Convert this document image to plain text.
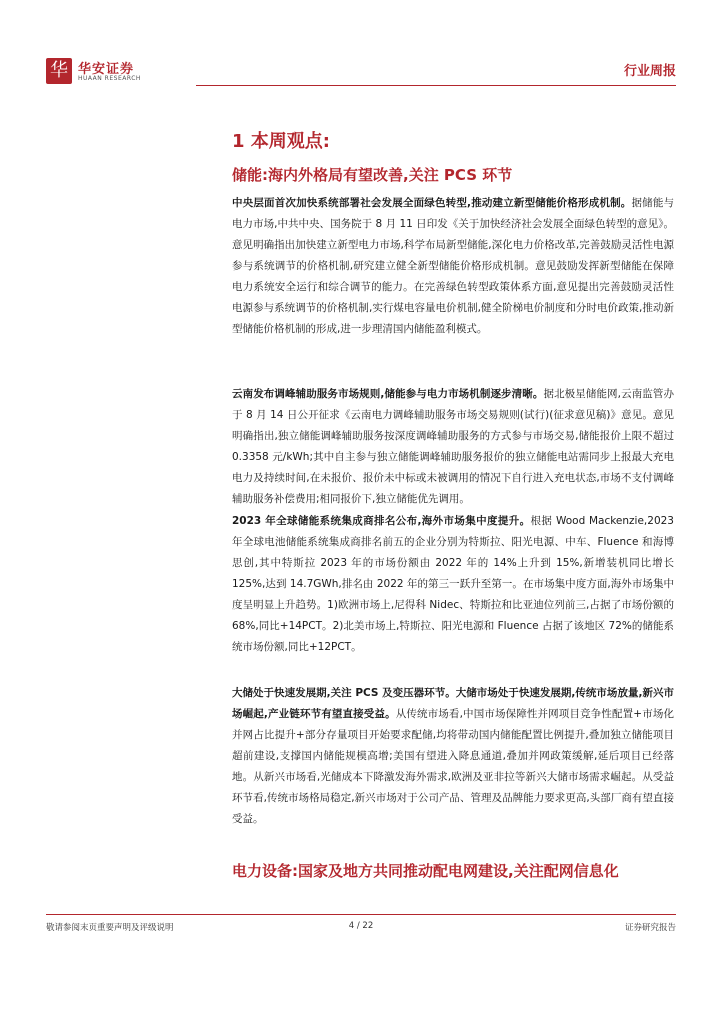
华 华安证券
HUAAN RESEARCH	行业周报
1 本周观点:
储能:海内外格局有望改善,关注 PCS 环节
中央层面首次加快系统部署社会发展全面绿色转型,推动建立新型储能价格形成机制。据储能与电力市场,中共中央、国务院于 8 月 11 日印发《关于加快经济社会发展全面绿色转型的意见》。意见明确指出加快建立新型电力市场,科学布局新型储能,深化电力价格改革,完善鼓励灵活性电源参与系统调节的价格机制,研究建立健全新型储能价格形成机制。意见鼓励发挥新型储能在保障电力系统安全运行和综合调节的能力。在完善绿色转型政策体系方面,意见提出完善鼓励灵活性电源参与系统调节的价格机制,实行煤电容量电价机制,健全阶梯电价制度和分时电价政策,推动新型储能价格机制的形成,进一步理清国内储能盈利模式。
云南发布调峰辅助服务市场规则,储能参与电力市场机制逐步清晰。据北极星储能网,云南监管办于 8 月 14 日公开征求《云南电力调峰辅助服务市场交易规则(试行)(征求意见稿)》意见。意见明确指出,独立储能调峰辅助服务按深度调峰辅助服务的方式参与市场交易,储能报价上限不超过 0.3358 元/kWh;其中自主参与独立储能调峰辅助服务报价的独立储能电站需同步上报最大充电电力及持续时间,在未报价、报价未中标或未被调用的情况下自行进入充电状态,市场不支付调峰辅助服务补偿费用;相同报价下,独立储能优先调用。
2023 年全球储能系统集成商排名公布,海外市场集中度提升。根据 Wood Mackenzie,2023 年全球电池储能系统集成商排名前五的企业分别为特斯拉、阳光电源、中车、Fluence 和海博思创,其中特斯拉 2023 年的市场份额由 2022 年的 14%上升到 15%,新增装机同比增长 125%,达到 14.7GWh,排名由 2022 年的第三一跃升至第一。在市场集中度方面,海外市场集中度呈明显上升趋势。1)欧洲市场上,尼得科 Nidec、特斯拉和比亚迪位列前三,占据了市场份额的 68%,同比+14PCT。2)北美市场上,特斯拉、阳光电源和 Fluence 占据了该地区 72%的储能系统市场份额,同比+12PCT。
大储处于快速发展期,关注 PCS 及变压器环节。大储市场处于快速发展期,传统市场放量,新兴市场崛起,产业链环节有望直接受益。从传统市场看,中国市场保障性并网项目竞争性配置+市场化并网占比提升+部分存量项目开始要求配储,均将带动国内储能配置比例提升,叠加独立储能项目超前建设,支撑国内储能规模高增;美国有望进入降息通道,叠加并网政策缓解,延后项目已经落地。从新兴市场看,光储成本下降激发海外需求,欧洲及亚非拉等新兴大储市场需求崛起。从受益环节看,传统市场格局稳定,新兴市场对于公司产品、管理及品牌能力要求更高,头部厂商有望直接受益。
电力设备:国家及地方共同推动配电网建设,关注配网信息化
敬请参阅末页重要声明及评级说明	4 / 22	证券研究报告
